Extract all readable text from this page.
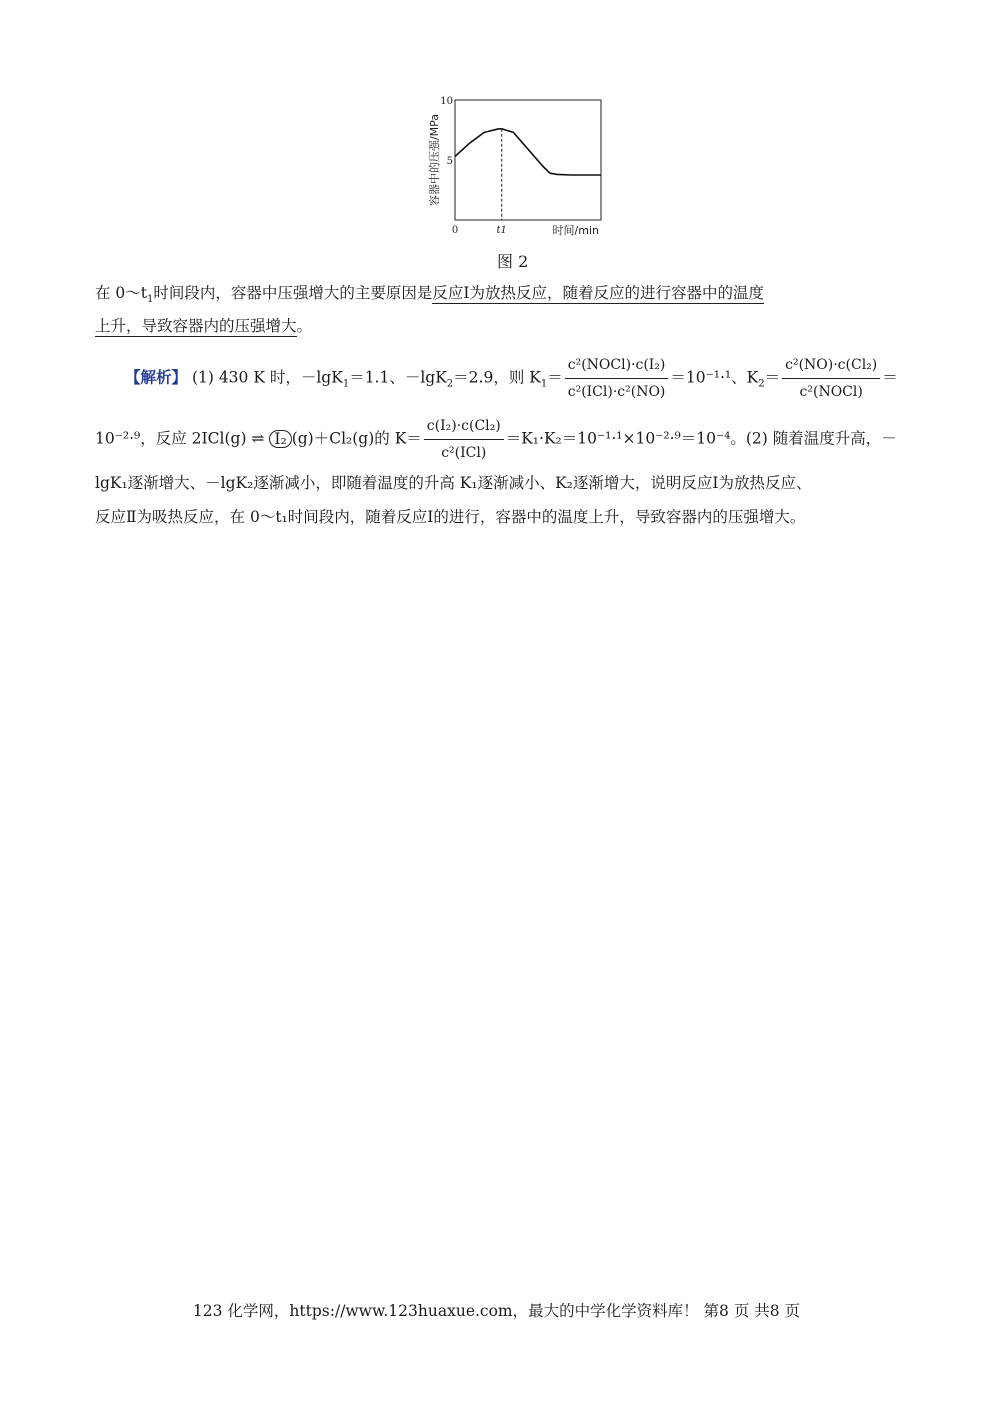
10
5
0	t1	时间/min
容器中的压强/MPa
图 2
在 $0\sim t_1$时间段内，容器中压强增大的主要原因是反应Ⅰ为放热反应，随着反应的进行容器中的温度
上升，导致容器内的压强增大。
【解析】 (1) 430 K 时，－lgK$_1$＝1.1、－lgK$_2$＝2.9，则 $K_1= \frac{\text{c²(NOCl)·c(I₂)}}{\text{c²(ICl)·c²(NO)}} =10^{-1}\cdot^1$、$K_2= \frac{\text{c²(NO)·c(Cl₂)}}{\text{c²(NOCl)}}$ ＝
10⁻²·⁹，反应 2ICl(g) ⇌ I₂ (g)＋Cl₂(g)的 $K= \frac{\text{c(I₂)·c(Cl₂)}}{\text{c²(ICl)}} =K_1\cdot K_2=10^{-1}\cdot^1\times 10^{-2}\cdot^9=10^{-4}$。(2) 随着温度升高，－
lgK₁逐渐增大、－lgK₂逐渐减小，即随着温度的升高 K₁逐渐减小、K₂逐渐增大，说明反应Ⅰ为放热反应、
反应Ⅱ为吸热反应，在 0～t₁时间段内，随着反应Ⅰ的进行，容器中的温度上升，导致容器内的压强增大。
123 化学网，https://www.123huaxue.com，最大的中学化学资料库！ 第8 页 共8 页
